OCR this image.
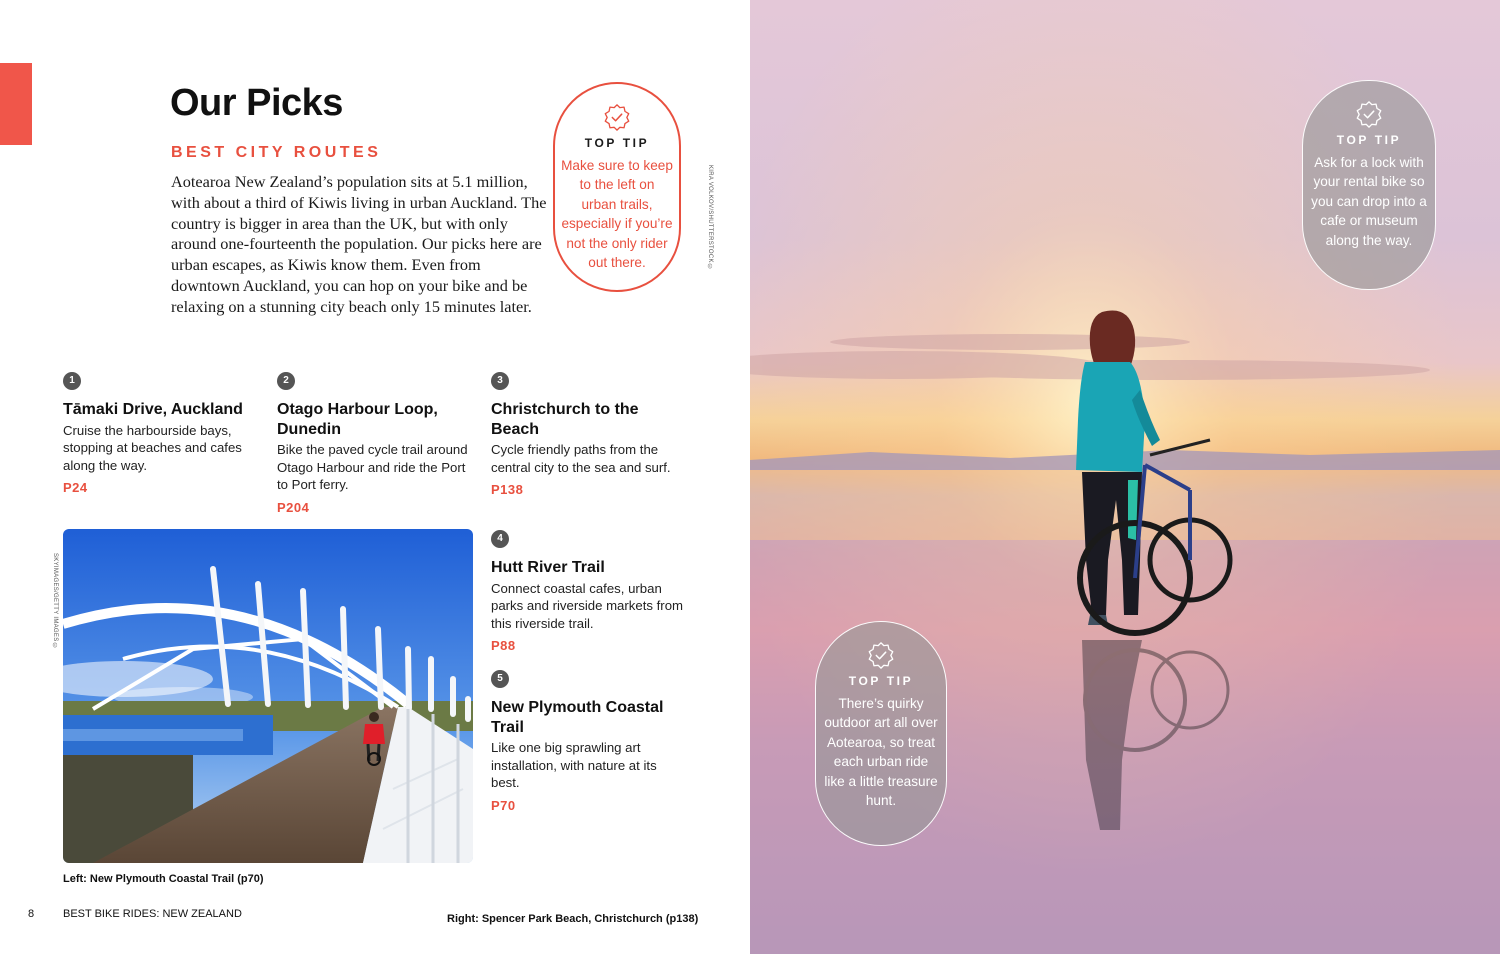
Our Picks
BEST CITY ROUTES

Aotearoa New Zealand’s population sits at 5.1 million, with about a third of Kiwis living in urban Auckland. The country is bigger in area than the UK, but with only around one-fourteenth the population. Our picks here are urban escapes, as Kiwis know them. Even from downtown Auckland, you can hop on your bike and be relaxing on a stunning city beach only 15 minutes later.

TOP TIP
Make sure to keep to the left on urban trails, especially if you’re not the only rider out there.	KIRA VOLKOV/SHUTTERSTOCK ©
1
Tāmaki Drive, Auckland
Cruise the harbourside bays, stopping at beaches and cafes along the way.
P24
2
Otago Harbour Loop, Dunedin
Bike the paved cycle trail around Otago Harbour and ride the Port to Port ferry.
P204
3
Christchurch to the Beach
Cycle friendly paths from the central city to the sea and surf.
P138
4
Hutt River Trail
Connect coastal cafes, urban parks and riverside markets from this riverside trail.
P88
5
New Plymouth Coastal Trail
Like one big sprawling art installation, with nature at its best.
P70
SKYIMAGES/GETTY IMAGES ©
Left: New Plymouth Coastal Trail (p70)
8	BEST BIKE RIDES: NEW ZEALAND	Right: Spencer Park Beach, Christchurch (p138)
TOP TIP
Ask for a lock with your rental bike so you can drop into a cafe or museum along the way.
TOP TIP
There’s quirky outdoor art all over Aotearoa, so treat each urban ride like a little treasure hunt.
